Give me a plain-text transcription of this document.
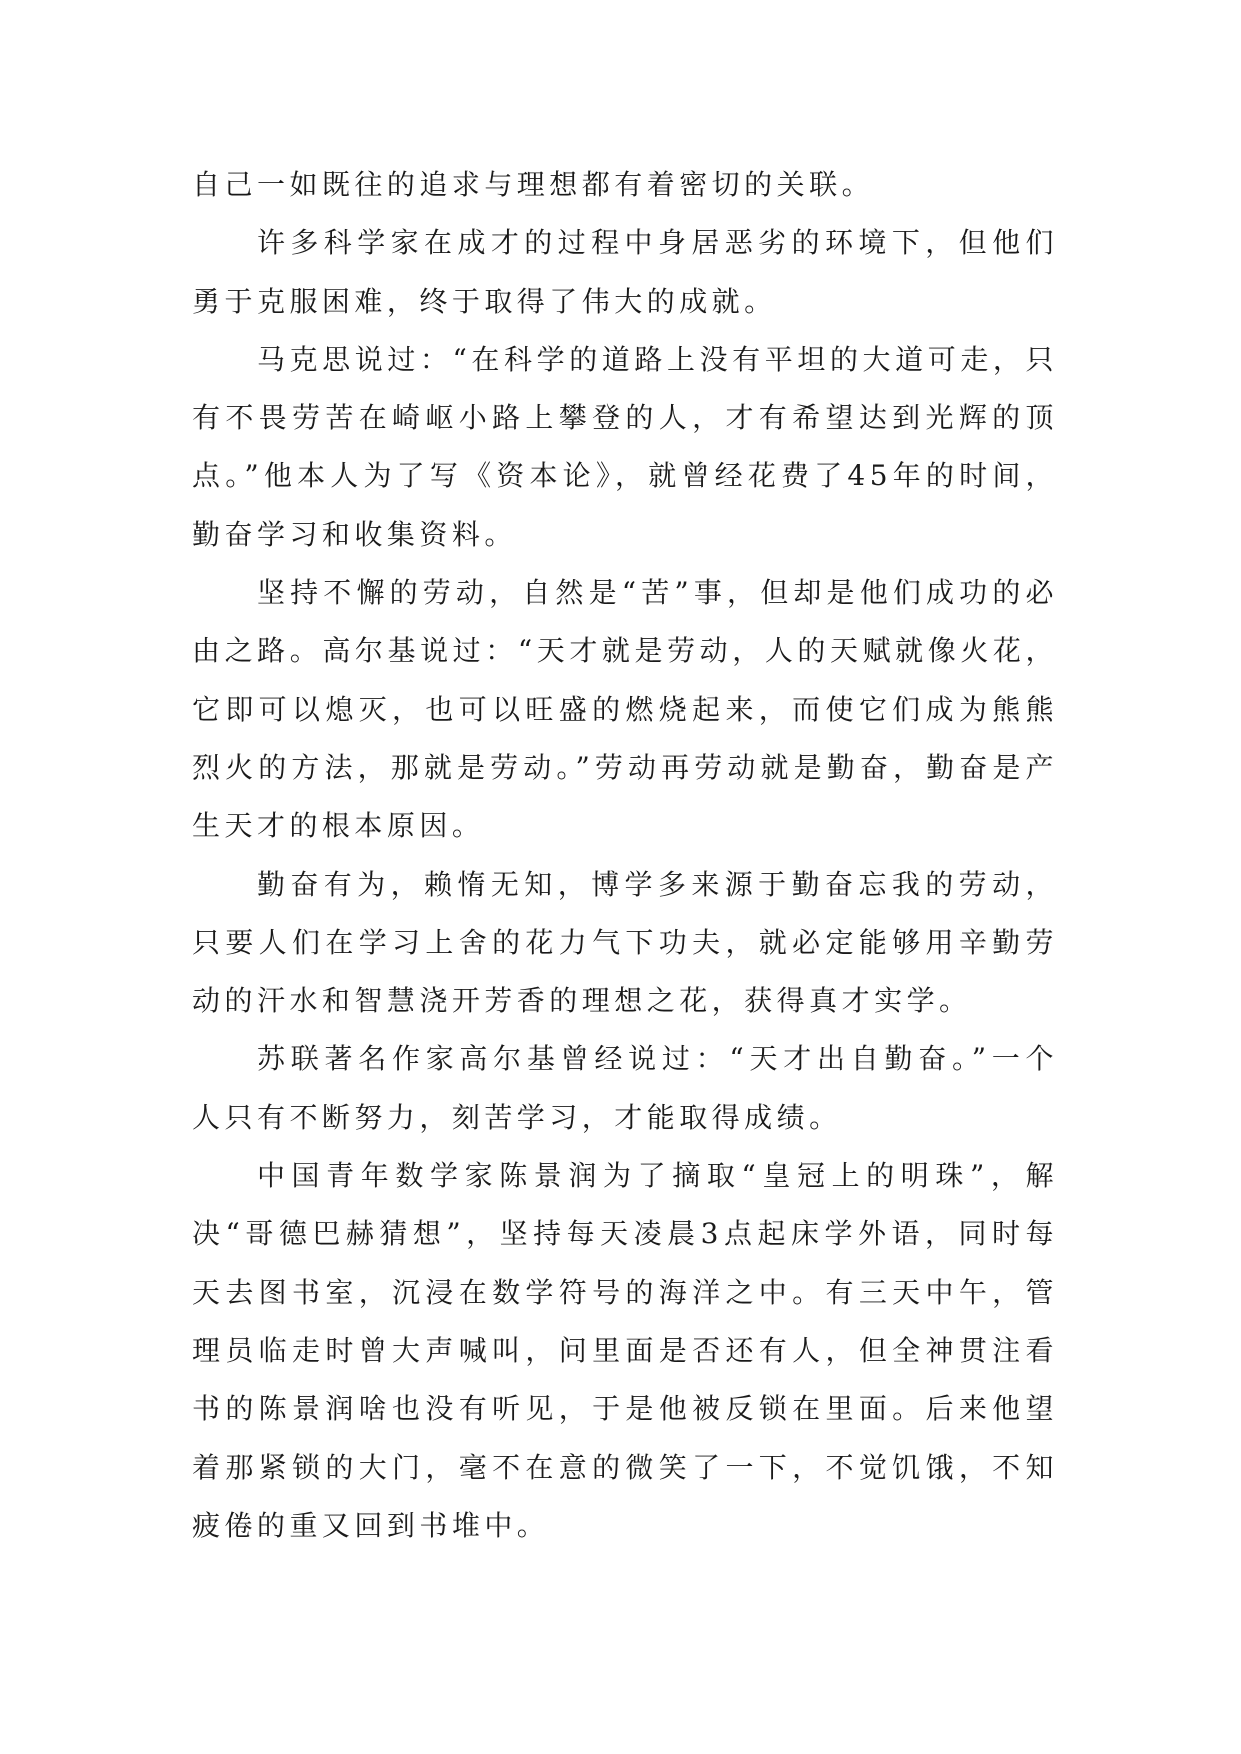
自己一如既往的追求与理想都有着密切的关联。

许多科学家在成才的过程中身居恶劣的环境下，但他们勇于克服困难，终于取得了伟大的成就。

马克思说过：“在科学的道路上没有平坦的大道可走，只有不畏劳苦在崎岖小路上攀登的人，才有希望达到光辉的顶点。”他本人为了写《资本论》，就曾经花费了45年的时间，勤奋学习和收集资料。

坚持不懈的劳动，自然是“苦”事，但却是他们成功的必由之路。高尔基说过：“天才就是劳动，人的天赋就像火花，它即可以熄灭，也可以旺盛的燃烧起来，而使它们成为熊熊烈火的方法，那就是劳动。”劳动再劳动就是勤奋，勤奋是产生天才的根本原因。

勤奋有为，赖惰无知，博学多来源于勤奋忘我的劳动，只要人们在学习上舍的花力气下功夫，就必定能够用辛勤劳动的汗水和智慧浇开芳香的理想之花，获得真才实学。

苏联著名作家高尔基曾经说过：“天才出自勤奋。”一个人只有不断努力，刻苦学习，才能取得成绩。

中国青年数学家陈景润为了摘取“皇冠上的明珠”，解决“哥德巴赫猜想”，坚持每天凌晨3点起床学外语，同时每天去图书室，沉浸在数学符号的海洋之中。有三天中午，管理员临走时曾大声喊叫，问里面是否还有人，但全神贯注看书的陈景润啥也没有听见，于是他被反锁在里面。后来他望着那紧锁的大门，毫不在意的微笑了一下，不觉饥饿，不知疲倦的重又回到书堆中。
